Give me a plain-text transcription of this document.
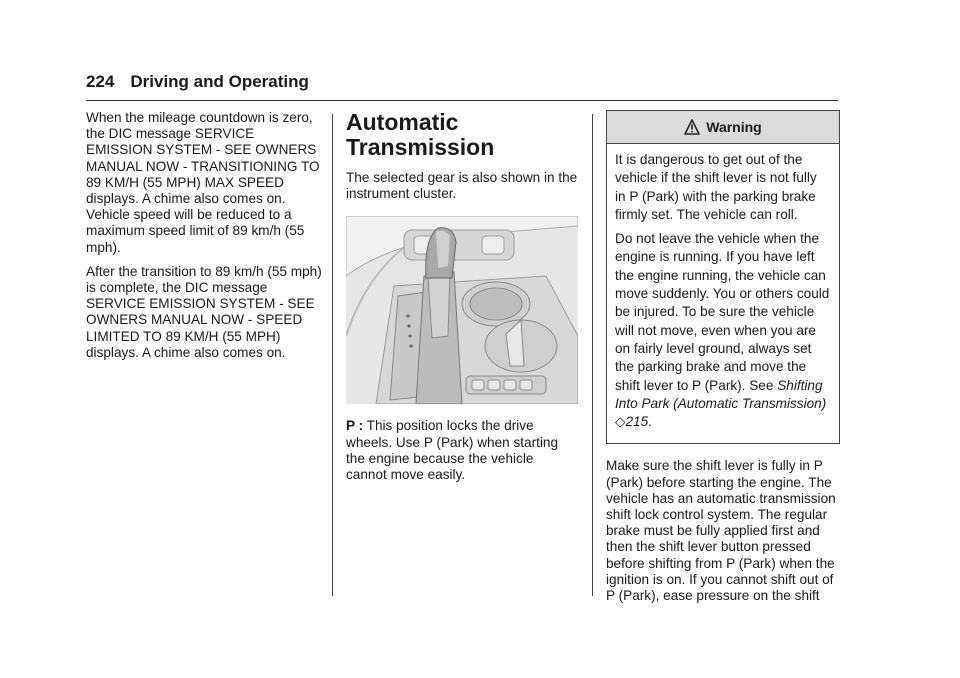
224 Driving and Operating

When the mileage countdown is zero, the DIC message SERVICE EMISSION SYSTEM - SEE OWNERS MANUAL NOW - TRANSITIONING TO 89 KM/H (55 MPH) MAX SPEED displays. A chime also comes on. Vehicle speed will be reduced to a maximum speed limit of 89 km/h (55 mph).

After the transition to 89 km/h (55 mph) is complete, the DIC message SERVICE EMISSION SYSTEM - SEE OWNERS MANUAL NOW - SPEED LIMITED TO 89 KM/H (55 MPH) displays. A chime also comes on.

Automatic Transmission

The selected gear is also shown in the instrument cluster.

P : This position locks the drive wheels. Use P (Park) when starting the engine because the vehicle cannot move easily.

Warning

It is dangerous to get out of the vehicle if the shift lever is not fully in P (Park) with the parking brake firmly set. The vehicle can roll.

Do not leave the vehicle when the engine is running. If you have left the engine running, the vehicle can move suddenly. You or others could be injured. To be sure the vehicle will not move, even when you are on fairly level ground, always set the parking brake and move the shift lever to P (Park). See Shifting Into Park (Automatic Transmission) ◇215.

Make sure the shift lever is fully in P (Park) before starting the engine. The vehicle has an automatic transmission shift lock control system. The regular brake must be fully applied first and then the shift lever button pressed before shifting from P (Park) when the ignition is on. If you cannot shift out of P (Park), ease pressure on the shift
